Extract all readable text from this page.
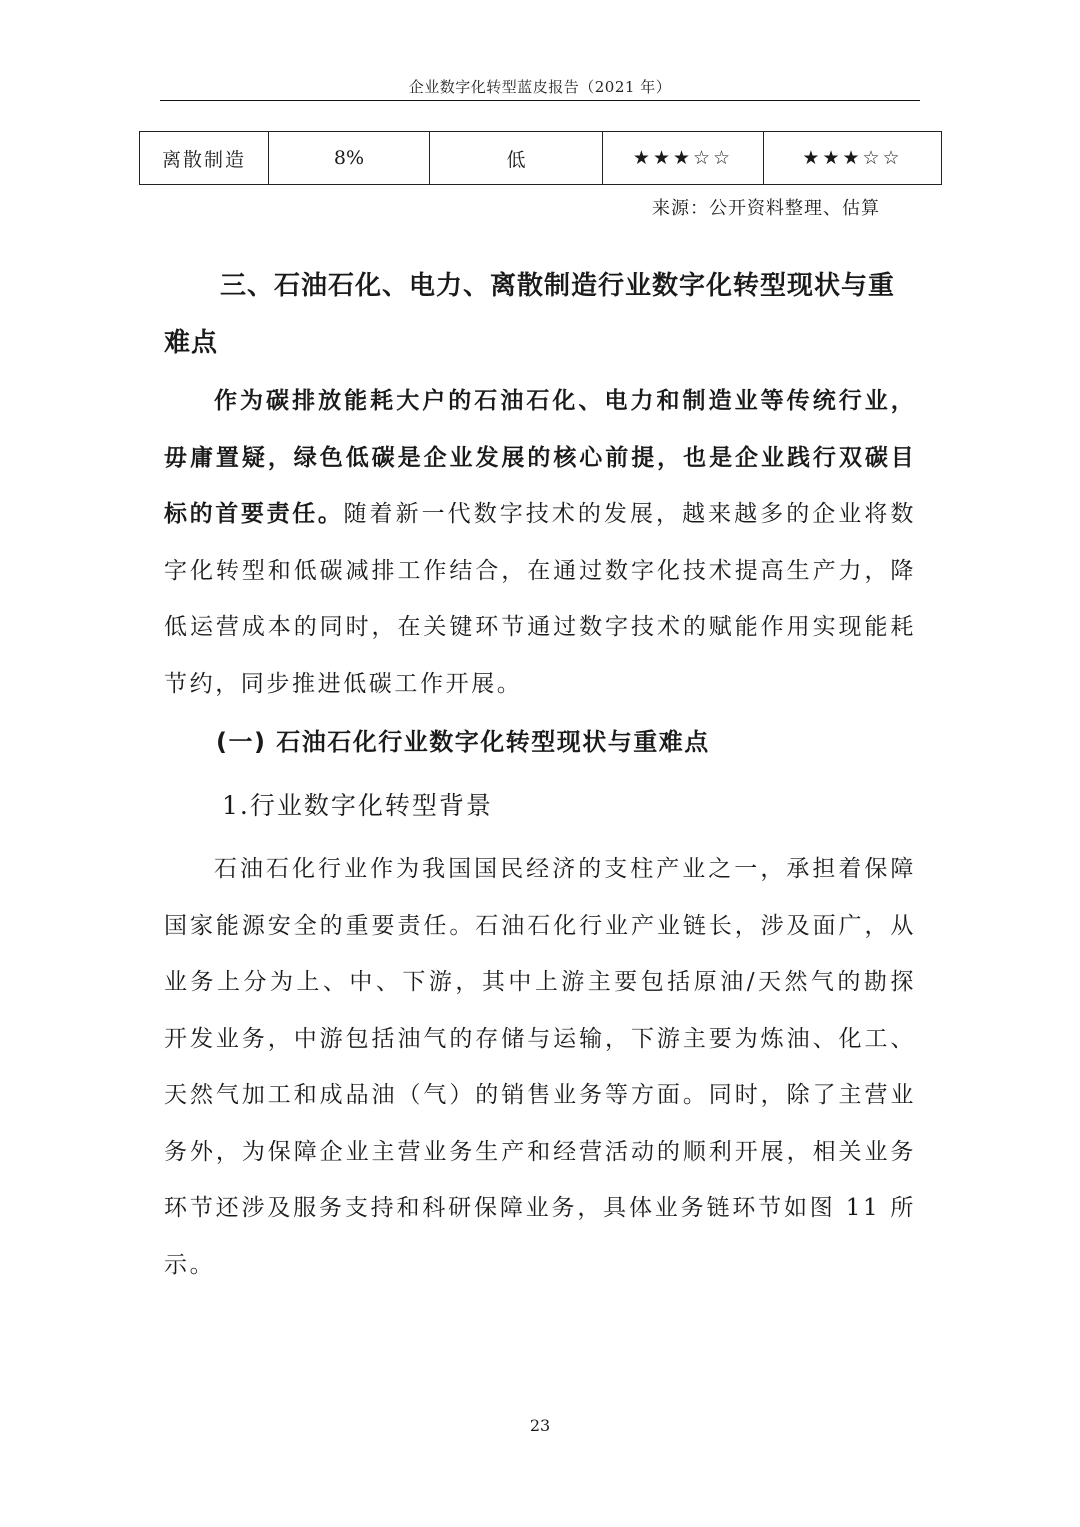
企业数字化转型蓝皮报告（2021 年）
离散制造	8%	低	★★★☆☆	★★★☆☆
来源：公开资料整理、估算
三、石油石化、电力、离散制造行业数字化转型现状与重难点
作为碳排放能耗大户的石油石化、电力和制造业等传统行业，毋庸置疑，绿色低碳是企业发展的核心前提，也是企业践行双碳目标的首要责任。随着新一代数字技术的发展，越来越多的企业将数字化转型和低碳减排工作结合，在通过数字化技术提高生产力，降低运营成本的同时，在关键环节通过数字技术的赋能作用实现能耗节约，同步推进低碳工作开展。
(一) 石油石化行业数字化转型现状与重难点
1.行业数字化转型背景
石油石化行业作为我国国民经济的支柱产业之一，承担着保障国家能源安全的重要责任。石油石化行业产业链长，涉及面广，从业务上分为上、中、下游，其中上游主要包括原油/天然气的勘探开发业务，中游包括油气的存储与运输，下游主要为炼油、化工、天然气加工和成品油（气）的销售业务等方面。同时，除了主营业务外，为保障企业主营业务生产和经营活动的顺利开展，相关业务环节还涉及服务支持和科研保障业务，具体业务链环节如图 11 所示。
23
